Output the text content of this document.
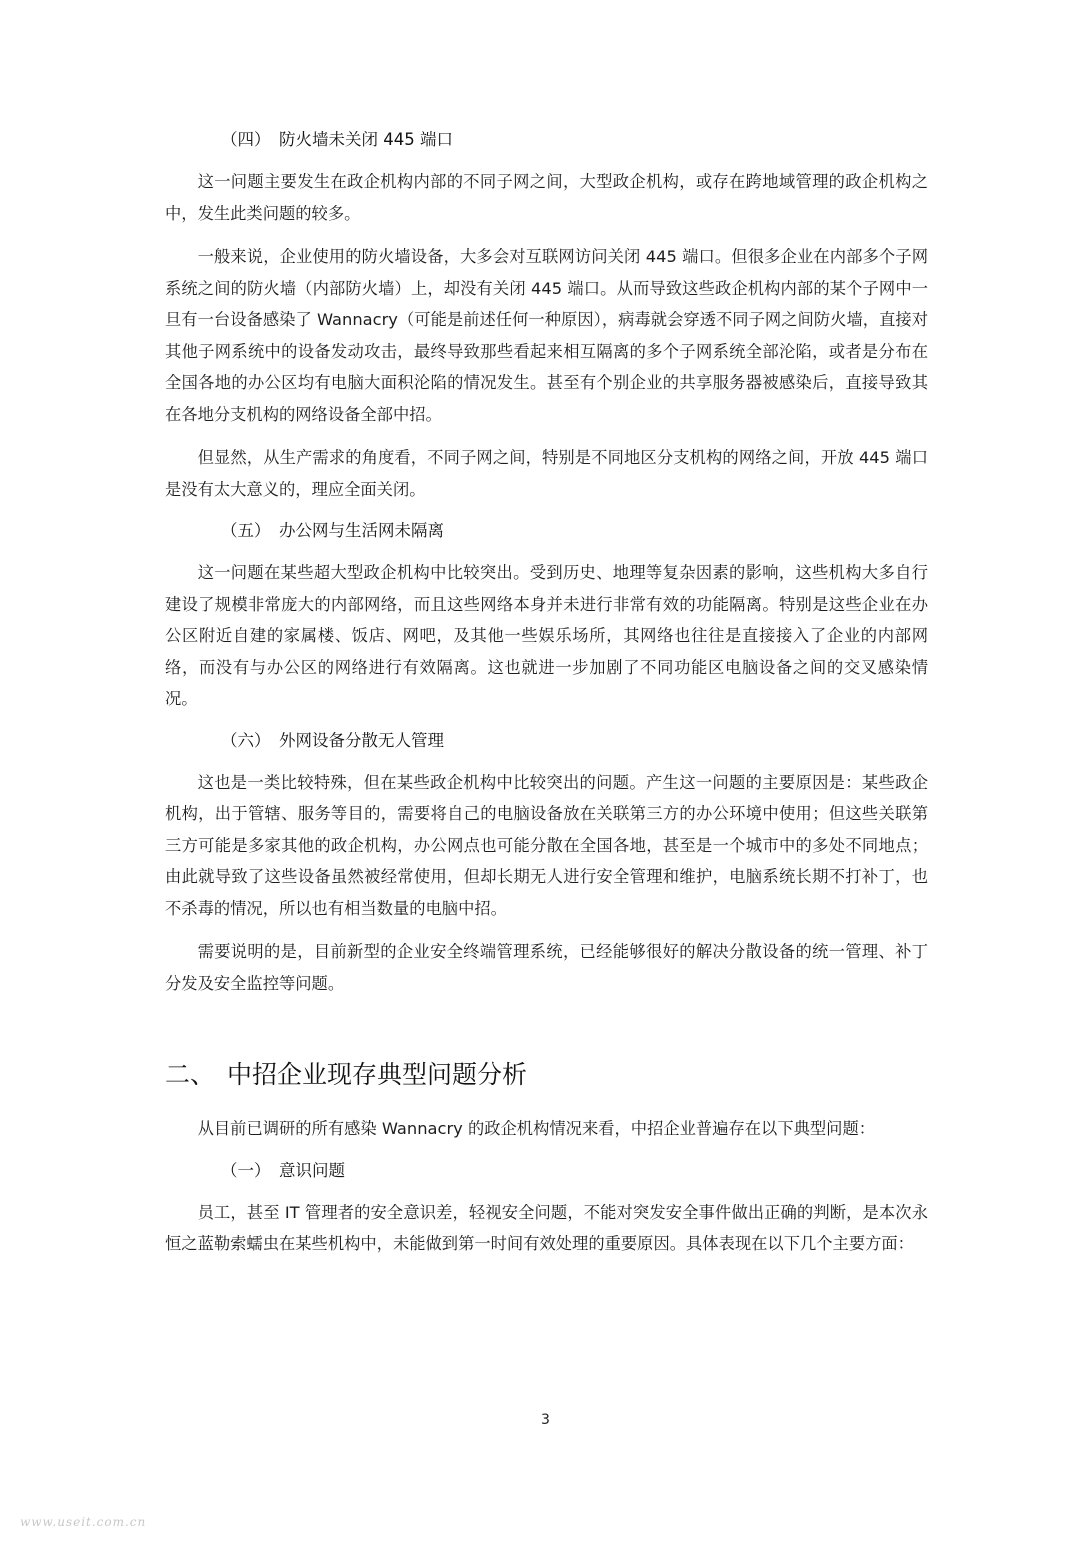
（四） 防火墙未关闭 445 端口

这一问题主要发生在政企机构内部的不同子网之间，大型政企机构，或存在跨地域管理的政企机构之中，发生此类问题的较多。

一般来说，企业使用的防火墙设备，大多会对互联网访问关闭 445 端口。但很多企业在内部多个子网系统之间的防火墙（内部防火墙）上，却没有关闭 445 端口。从而导致这些政企机构内部的某个子网中一旦有一台设备感染了 Wannacry（可能是前述任何一种原因），病毒就会穿透不同子网之间防火墙，直接对其他子网系统中的设备发动攻击，最终导致那些看起来相互隔离的多个子网系统全部沦陷，或者是分布在全国各地的办公区均有电脑大面积沦陷的情况发生。甚至有个别企业的共享服务器被感染后，直接导致其在各地分支机构的网络设备全部中招。

但显然，从生产需求的角度看，不同子网之间，特别是不同地区分支机构的网络之间，开放 445 端口是没有太大意义的，理应全面关闭。

（五） 办公网与生活网未隔离

这一问题在某些超大型政企机构中比较突出。受到历史、地理等复杂因素的影响，这些机构大多自行建设了规模非常庞大的内部网络，而且这些网络本身并未进行非常有效的功能隔离。特别是这些企业在办公区附近自建的家属楼、饭店、网吧，及其他一些娱乐场所，其网络也往往是直接接入了企业的内部网络，而没有与办公区的网络进行有效隔离。这也就进一步加剧了不同功能区电脑设备之间的交叉感染情况。

（六） 外网设备分散无人管理

这也是一类比较特殊，但在某些政企机构中比较突出的问题。产生这一问题的主要原因是：某些政企机构，出于管辖、服务等目的，需要将自己的电脑设备放在关联第三方的办公环境中使用；但这些关联第三方可能是多家其他的政企机构，办公网点也可能分散在全国各地，甚至是一个城市中的多处不同地点；由此就导致了这些设备虽然被经常使用，但却长期无人进行安全管理和维护，电脑系统长期不打补丁，也不杀毒的情况，所以也有相当数量的电脑中招。

需要说明的是，目前新型的企业安全终端管理系统，已经能够很好的解决分散设备的统一管理、补丁分发及安全监控等问题。

二、 中招企业现存典型问题分析

从目前已调研的所有感染 Wannacry 的政企机构情况来看，中招企业普遍存在以下典型问题：

（一） 意识问题

员工，甚至 IT 管理者的安全意识差，轻视安全问题，不能对突发安全事件做出正确的判断，是本次永恒之蓝勒索蠕虫在某些机构中，未能做到第一时间有效处理的重要原因。具体表现在以下几个主要方面：

3
www.useit.com.cn
